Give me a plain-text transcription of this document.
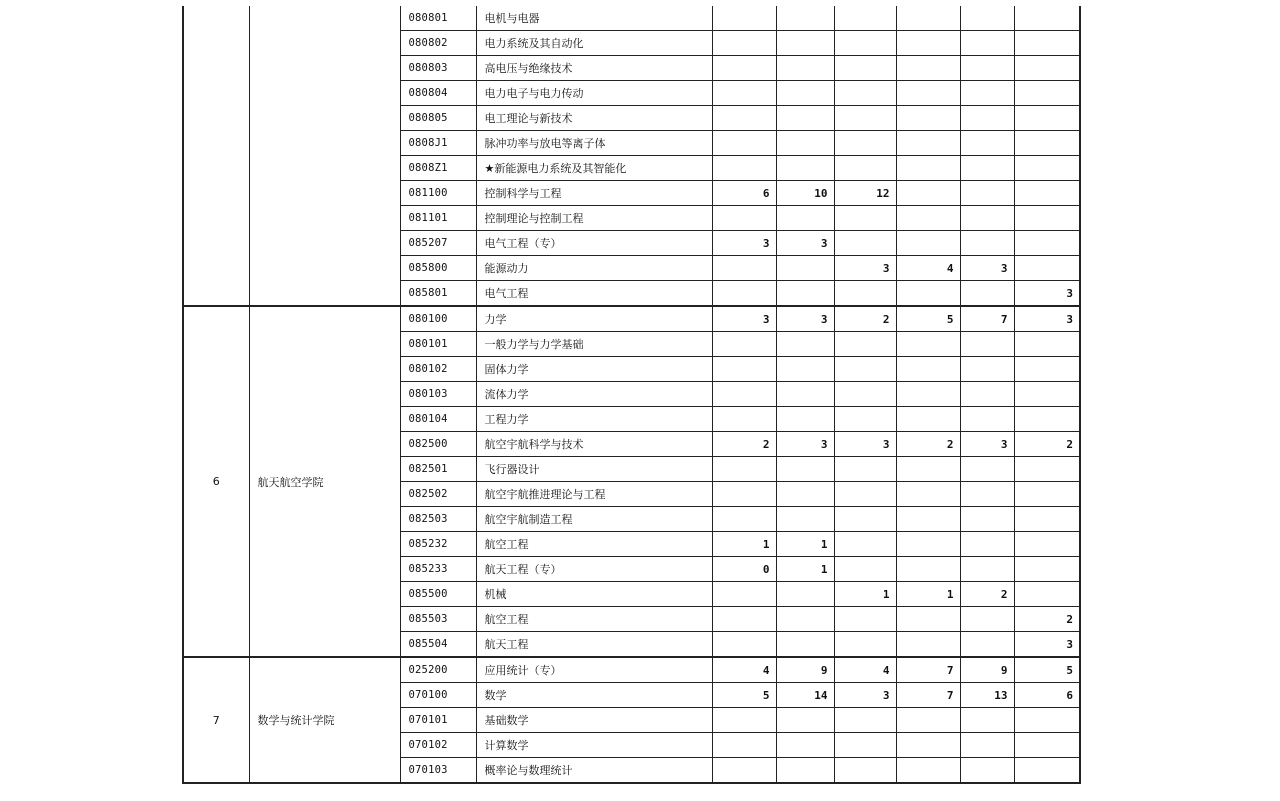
		080801	电机与电器						
		080802	电力系统及其自动化						
		080803	高电压与绝缘技术						
		080804	电力电子与电力传动						
		080805	电工理论与新技术						
		0808J1	脉冲功率与放电等离子体						
		0808Z1	★新能源电力系统及其智能化						
		081100	控制科学与工程	6	10	12			
		081101	控制理论与控制工程						
		085207	电气工程（专）	3	3				
		085800	能源动力			3	4	3	
		085801	电气工程						3
6	航天航空学院	080100	力学	3	3	2	5	7	3
		080101	一般力学与力学基础						
		080102	固体力学						
		080103	流体力学						
		080104	工程力学						
		082500	航空宇航科学与技术	2	3	3	2	3	2
		082501	飞行器设计						
		082502	航空宇航推进理论与工程						
		082503	航空宇航制造工程						
		085232	航空工程	1	1				
		085233	航天工程（专）	0	1				
		085500	机械			1	1	2	
		085503	航空工程						2
		085504	航天工程						3
7	数学与统计学院	025200	应用统计（专）	4	9	4	7	9	5
		070100	数学	5	14	3	7	13	6
		070101	基础数学						
		070102	计算数学						
		070103	概率论与数理统计						
